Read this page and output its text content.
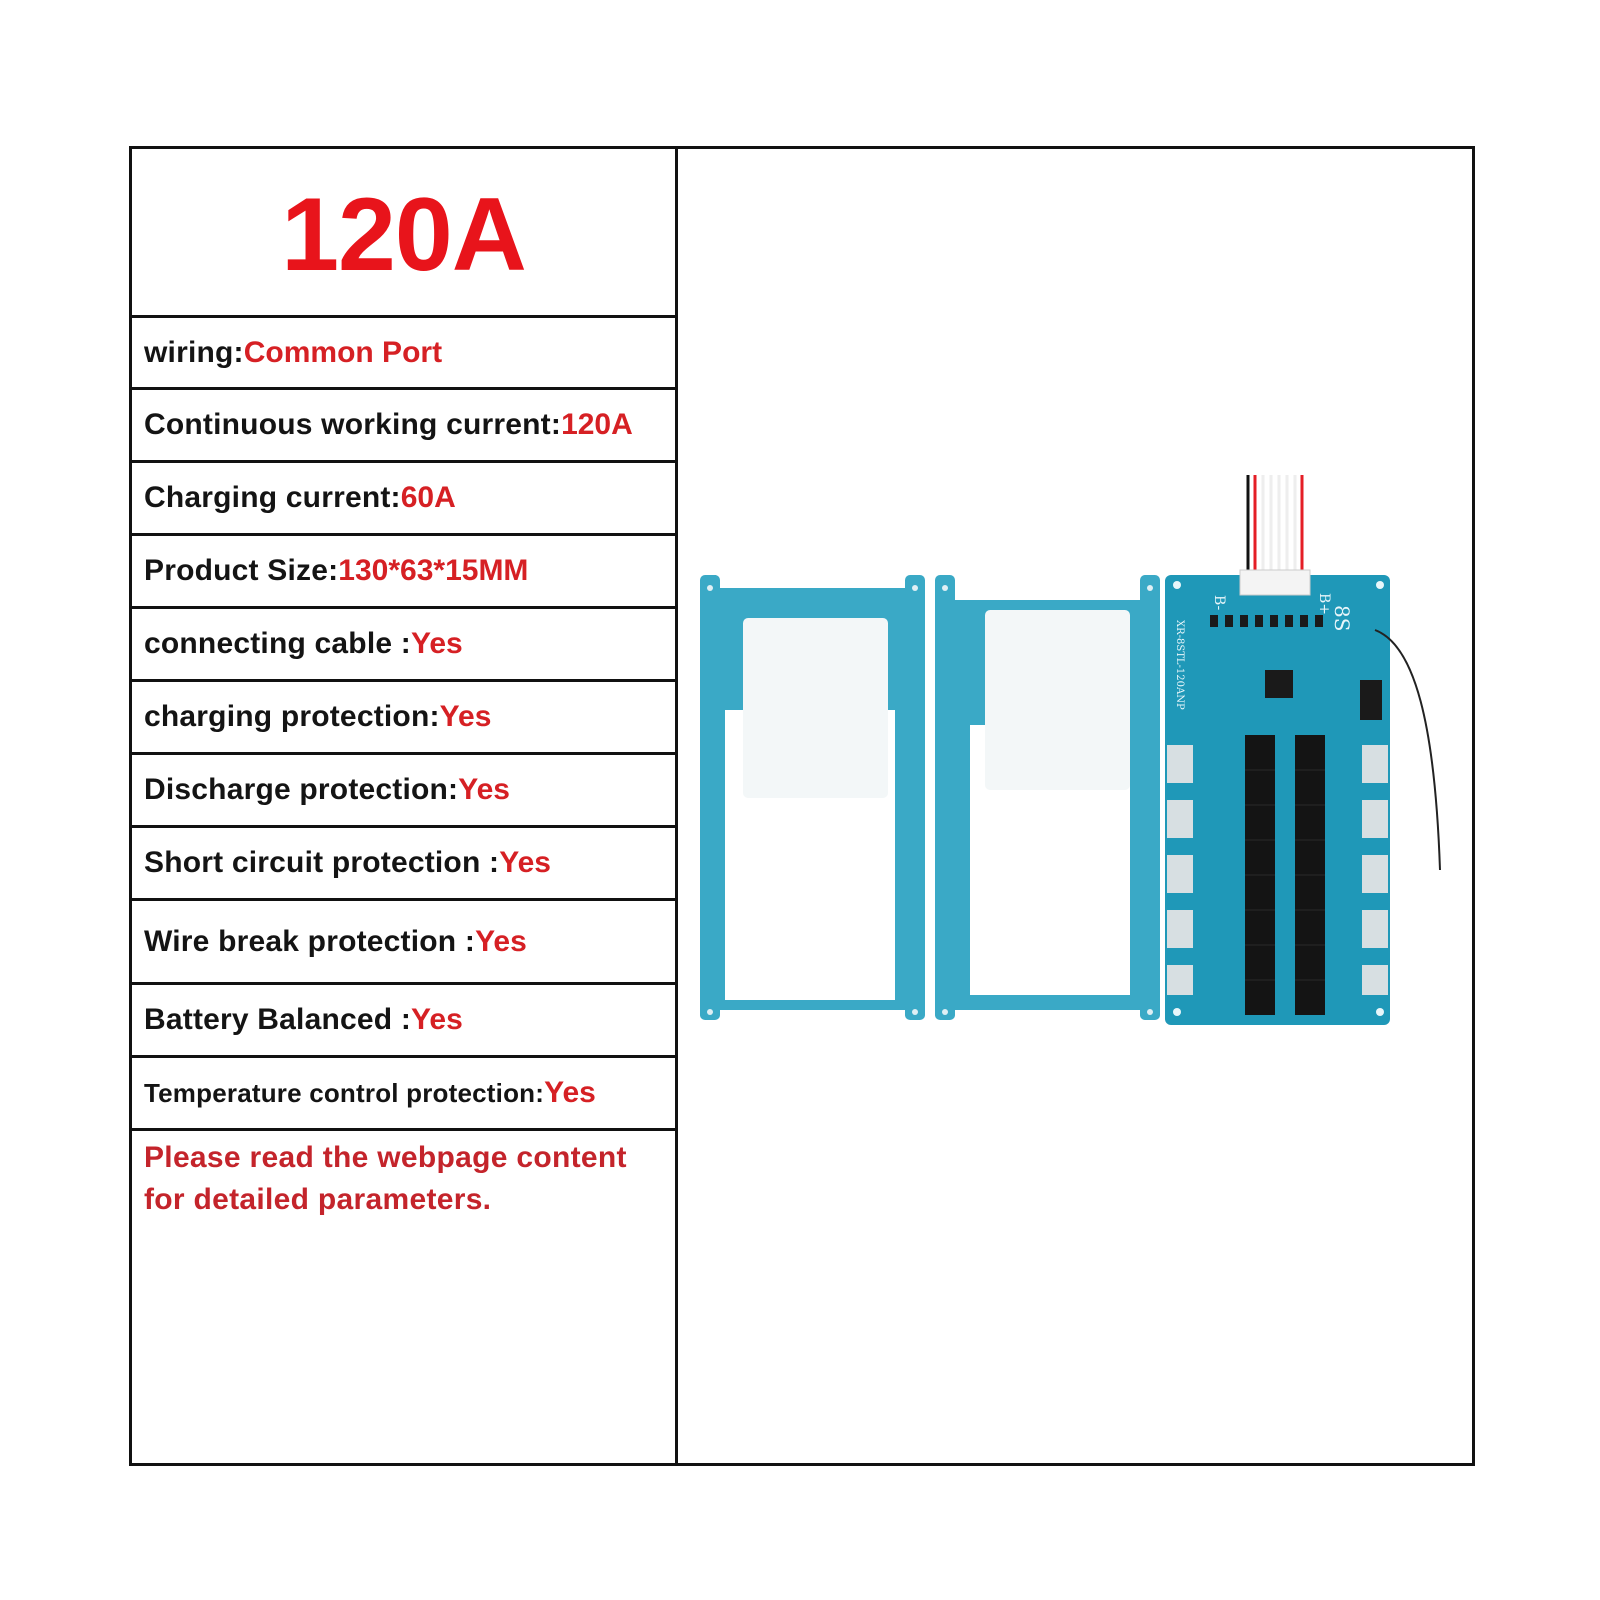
120A
wiring: Common Port
Continuous working current: 120A
Charging current: 60A
Product Size: 130*63*15MM
connecting cable : Yes
charging protection: Yes
Discharge protection: Yes
Short circuit protection : Yes
Wire break protection : Yes
Battery Balanced : Yes
Temperature control protection: Yes
Please read the webpage content for detailed parameters.
8S
B-	B+
XR-8STL-120ANP
